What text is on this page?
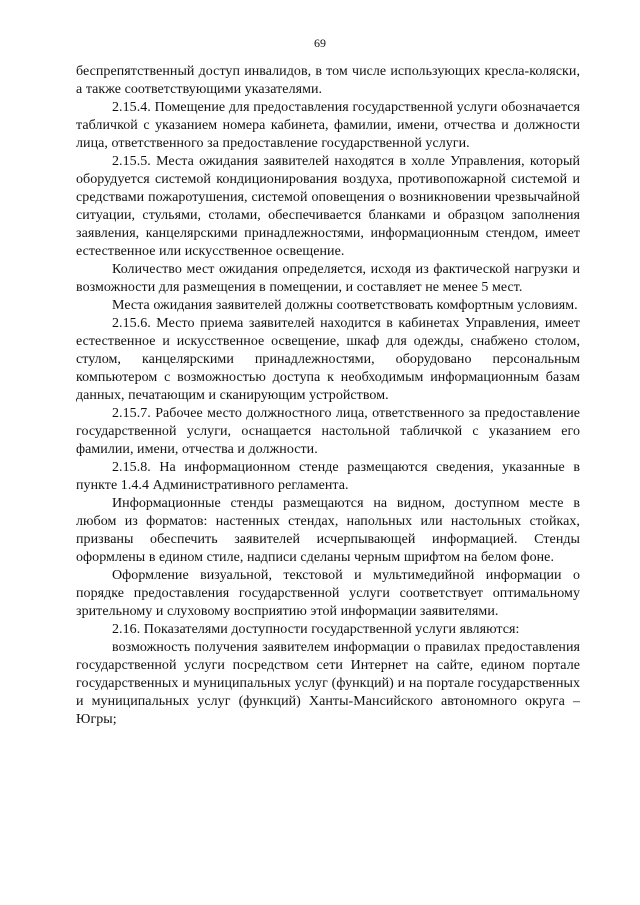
69

беспрепятственный доступ инвалидов, в том числе использующих кресла-коляски, а также соответствующими указателями.

2.15.4. Помещение для предоставления государственной услуги обозначается табличкой с указанием номера кабинета, фамилии, имени, отчества и должности лица, ответственного за предоставление государственной услуги.

2.15.5. Места ожидания заявителей находятся в холле Управления, который оборудуется системой кондиционирования воздуха, противопожарной системой и средствами пожаротушения, системой оповещения о возникновении чрезвычайной ситуации, стульями, столами, обеспечивается бланками и образцом заполнения заявления, канцелярскими принадлежностями, информационным стендом, имеет естественное или искусственное освещение.

Количество мест ожидания определяется, исходя из фактической нагрузки и возможности для размещения в помещении, и составляет не менее 5 мест.

Места ожидания заявителей должны соответствовать комфортным условиям.

2.15.6. Место приема заявителей находится в кабинетах Управления, имеет естественное и искусственное освещение, шкаф для одежды, снабжено столом, стулом, канцелярскими принадлежностями, оборудовано персональным компьютером с возможностью доступа к необходимым информационным базам данных, печатающим и сканирующим устройством.

2.15.7. Рабочее место должностного лица, ответственного за предоставление государственной услуги, оснащается настольной табличкой с указанием его фамилии, имени, отчества и должности.

2.15.8. На информационном стенде размещаются сведения, указанные в пункте 1.4.4 Административного регламента.

Информационные стенды размещаются на видном, доступном месте в любом из форматов: настенных стендах, напольных или настольных стойках, призваны обеспечить заявителей исчерпывающей информацией. Стенды оформлены в едином стиле, надписи сделаны черным шрифтом на белом фоне.

Оформление визуальной, текстовой и мультимедийной информации о порядке предоставления государственной услуги соответствует оптимальному зрительному и слуховому восприятию этой информации заявителями.

2.16. Показателями доступности государственной услуги являются:

возможность получения заявителем информации о правилах предоставления государственной услуги посредством сети Интернет на сайте, едином портале государственных и муниципальных услуг (функций) и на портале государственных и муниципальных услуг (функций) Ханты-Мансийского автономного округа – Югры;
